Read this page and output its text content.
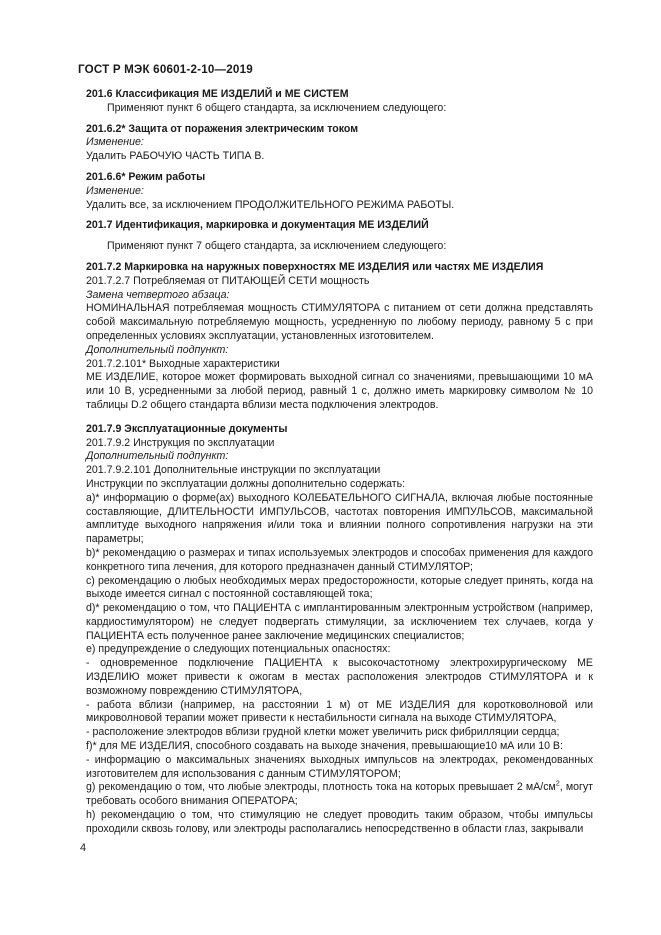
ГОСТ Р МЭК 60601-2-10—2019

201.6 Классификация МЕ ИЗДЕЛИЙ и МЕ СИСТЕМ

Применяют пункт 6 общего стандарта, за исключением следующего:

201.6.2* Защита от поражения электрическим током

Изменение:

Удалить РАБОЧУЮ ЧАСТЬ ТИПА B.

201.6.6* Режим работы

Изменение:

Удалить все, за исключением ПРОДОЛЖИТЕЛЬНОГО РЕЖИМА РАБОТЫ.

201.7 Идентификация, маркировка и документация МЕ ИЗДЕЛИЙ

Применяют пункт 7 общего стандарта, за исключением следующего:

201.7.2 Маркировка на наружных поверхностях МЕ ИЗДЕЛИЯ или частях МЕ ИЗДЕЛИЯ

201.7.2.7 Потребляемая от ПИТАЮЩЕЙ СЕТИ мощность

Замена четвертого абзаца:

НОМИНАЛЬНАЯ потребляемая мощность СТИМУЛЯТОРА с питанием от сети должна представлять собой максимальную потребляемую мощность, усредненную по любому периоду, равному 5 с при определенных условиях эксплуатации, установленных изготовителем.

Дополнительный подпункт:

201.7.2.101* Выходные характеристики

МЕ ИЗДЕЛИЕ, которое может формировать выходной сигнал со значениями, превышающими 10 мА или 10 В, усредненными за любой период, равный 1 с, должно иметь маркировку символом № 10 таблицы D.2 общего стандарта вблизи места подключения электродов.

201.7.9 Эксплуатационные документы

201.7.9.2 Инструкция по эксплуатации

Дополнительный подпункт:

201.7.9.2.101 Дополнительные инструкции по эксплуатации

Инструкции по эксплуатации должны дополнительно содержать:

a)* информацию о форме(ах) выходного КОЛЕБАТЕЛЬНОГО СИГНАЛА, включая любые постоянные составляющие, ДЛИТЕЛЬНОСТИ ИМПУЛЬСОВ, частотах повторения ИМПУЛЬСОВ, максимальной амплитуде выходного напряжения и/или тока и влиянии полного сопротивления нагрузки на эти параметры;

b)* рекомендацию о размерах и типах используемых электродов и способах применения для каждого конкретного типа лечения, для которого предназначен данный СТИМУЛЯТОР;

c) рекомендацию о любых необходимых мерах предосторожности, которые следует принять, когда на выходе имеется сигнал с постоянной составляющей тока;

d)* рекомендацию о том, что ПАЦИЕНТА с имплантированным электронным устройством (например, кардиостимулятором) не следует подвергать стимуляции, за исключением тех случаев, когда у ПАЦИЕНТА есть полученное ранее заключение медицинских специалистов;

e) предупреждение о следующих потенциальных опасностях:

- одновременное подключение ПАЦИЕНТА к высокочастотному электрохирургическому МЕ ИЗДЕЛИЮ может привести к ожогам в местах расположения электродов СТИМУЛЯТОРА и к возможному повреждению СТИМУЛЯТОРА,

- работа вблизи (например, на расстоянии 1 м) от МЕ ИЗДЕЛИЯ для коротковолновой или микроволновой терапии может привести к нестабильности сигнала на выходе СТИМУЛЯТОРА,

- расположение электродов вблизи грудной клетки может увеличить риск фибрилляции сердца;

f)* для МЕ ИЗДЕЛИЯ, способного создавать на выходе значения, превышающие10 мА или 10 В:

- информацию о максимальных значениях выходных импульсов на электродах, рекомендованных изготовителем для использования с данным СТИМУЛЯТОРОМ;

g) рекомендацию о том, что любые электроды, плотность тока на которых превышает 2 $мА/см^2$, могут требовать особого внимания ОПЕРАТОРА;

h) рекомендацию о том, что стимуляцию не следует проводить таким образом, чтобы импульсы проходили сквозь голову, или электроды располагались непосредственно в области глаз, закрывали

4
